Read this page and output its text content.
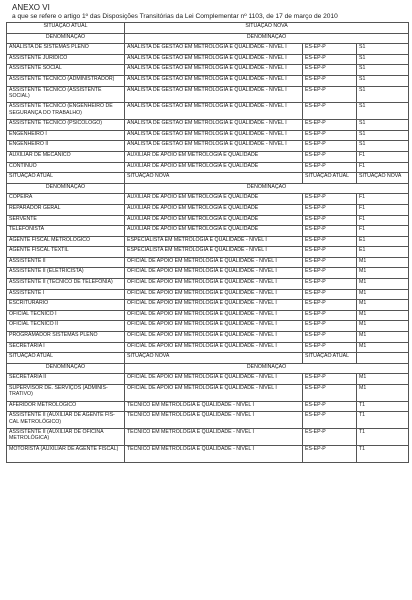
ANEXO VI
a que se refere o artigo 1º das Disposições Transitórias da Lei Complementar nº 1103, de 17 de março de 2010
SITUAÇÃO ATUAL	SITUAÇÃO NOVA		
DENOMINAÇÃO	DENOMINAÇÃO		
ANALISTA DE SISTEMAS PLENO	ANALISTA DE GESTÃO EM METROLOGIA E QUALIDADE - NÍVEL I	ES-EP-P	S1
ASSISTENTE JURÍDICO	ANALISTA DE GESTÃO EM METROLOGIA E QUALIDADE - NÍVEL I	ES-EP-P	S1
ASSISTENTE SOCIAL	ANALISTA DE GESTÃO EM METROLOGIA E QUALIDADE - NÍVEL I	ES-EP-P	S1
ASSISTENTE TÉCNICO (ADMINISTRADOR)	ANALISTA DE GESTÃO EM METROLOGIA E QUALIDADE - NÍVEL I	ES-EP-P	S1
ASSISTENTE TÉCNICO (ASSISTENTE SOCIAL)	ANALISTA DE GESTÃO EM METROLOGIA E QUALIDADE - NÍVEL I	ES-EP-P	S1
ASSISTENTE TÉCNICO (ENGENHEIRO DE SEGURANÇA DO TRABALHO)	ANALISTA DE GESTÃO EM METROLOGIA E QUALIDADE - NÍVEL I	ES-EP-P	S1
ASSISTENTE TÉCNICO (PSICÓLOGO)	ANALISTA DE GESTÃO EM METROLOGIA E QUALIDADE - NÍVEL I	ES-EP-P	S1
ENGENHEIRO I	ANALISTA DE GESTÃO EM METROLOGIA E QUALIDADE - NÍVEL I	ES-EP-P	S1
ENGENHEIRO II	ANALISTA DE GESTÃO EM METROLOGIA E QUALIDADE - NÍVEL I	ES-EP-P	S1
AUXILIAR DE MECÂNICO	AUXILIAR DE APOIO EM METROLOGIA E QUALIDADE	ES-EP-P	F1
CONTÍNUO	AUXILIAR DE APOIO EM METROLOGIA E QUALIDADE	ES-EP-P	F1
SITUAÇÃO ATUAL	SITUAÇÃO NOVA	SITUAÇÃO ATUAL	SITUAÇÃO NOVA
DENOMINAÇÃO	DENOMINAÇÃO		
COPEIRA	AUXILIAR DE APOIO EM METROLOGIA E QUALIDADE	ES-EP-P	F1
REPARADOR GERAL	AUXILIAR DE APOIO EM METROLOGIA E QUALIDADE	ES-EP-P	F1
SERVENTE	AUXILIAR DE APOIO EM METROLOGIA E QUALIDADE	ES-EP-P	F1
TELEFONISTA	AUXILIAR DE APOIO EM METROLOGIA E QUALIDADE	ES-EP-P	F1
AGENTE FISCAL METROLÓGICO	ESPECIALISTA EM METROLOGIA E QUALIDADE - NÍVEL I	ES-EP-P	E1
AGENTE FISCAL TEXTIL	ESPECIALISTA EM METROLOGIA E QUALIDADE - NÍVEL I	ES-EP-P	E1
ASSISTENTE II	OFICIAL DE APOIO EM METROLOGIA E QUALIDADE - NÍVEL I	ES-EP-P	M1
ASSISTENTE II (ELETRICISTA)	OFICIAL DE APOIO EM METROLOGIA E QUALIDADE - NÍVEL I	ES-EP-P	M1
ASSISTENTE II (TÉCNICO DE TELEFONIA)	OFICIAL DE APOIO EM METROLOGIA E QUALIDADE - NÍVEL I	ES-EP-P	M1
ASSISTENTE I	OFICIAL DE APOIO EM METROLOGIA E QUALIDADE - NÍVEL I	ES-EP-P	M1
ESCRITURÁRIO	OFICIAL DE APOIO EM METROLOGIA E QUALIDADE - NÍVEL I	ES-EP-P	M1
OFICIAL TÉCNICO I	OFICIAL DE APOIO EM METROLOGIA E QUALIDADE - NÍVEL I	ES-EP-P	M1
OFICIAL TÉCNICO II	OFICIAL DE APOIO EM METROLOGIA E QUALIDADE - NÍVEL I	ES-EP-P	M1
PROGRAMADOR SISTEMAS PLENO	OFICIAL DE APOIO EM METROLOGIA E QUALIDADE - NÍVEL I	ES-EP-P	M1
SECRETÁRIA I	OFICIAL DE APOIO EM METROLOGIA E QUALIDADE - NÍVEL I	ES-EP-P	M1
SITUAÇÃO ATUAL	SITUAÇÃO NOVA	SITUAÇÃO ATUAL	
DENOMINAÇÃO	DENOMINAÇÃO		
SECRETÁRIA II	OFICIAL DE APOIO EM METROLOGIA E QUALIDADE - NÍVEL I	ES-EP-P	M1
SUPERVISOR DE. SERVIÇOS (ADMINIS-TRATIVO)	OFICIAL DE APOIO EM METROLOGIA E QUALIDADE - NÍVEL I	ES-EP-P	M1
AFERIDOR METROLÓGICO	TÉCNICO EM METROLOGIA E QUALIDADE - NÍVEL I	ES-EP-P	T1
ASSISTENTE II (AUXILIAR DE AGENTE FIS-CAL METROLÓGICO)	TÉCNICO EM METROLOGIA E QUALIDADE - NÍVEL I	ES-EP-P	T1
ASSISTENTE II (AUXILIAR DE OFICINA METROLÓGICA)	TÉCNICO EM METROLOGIA E QUALIDADE - NÍVEL I	ES-EP-P	T1
MOTORISTA (AUXILIAR DE AGENTE FISCAL)	TÉCNICO EM METROLOGIA E QUALIDADE - NÍVEL I	ES-EP-P	T1
